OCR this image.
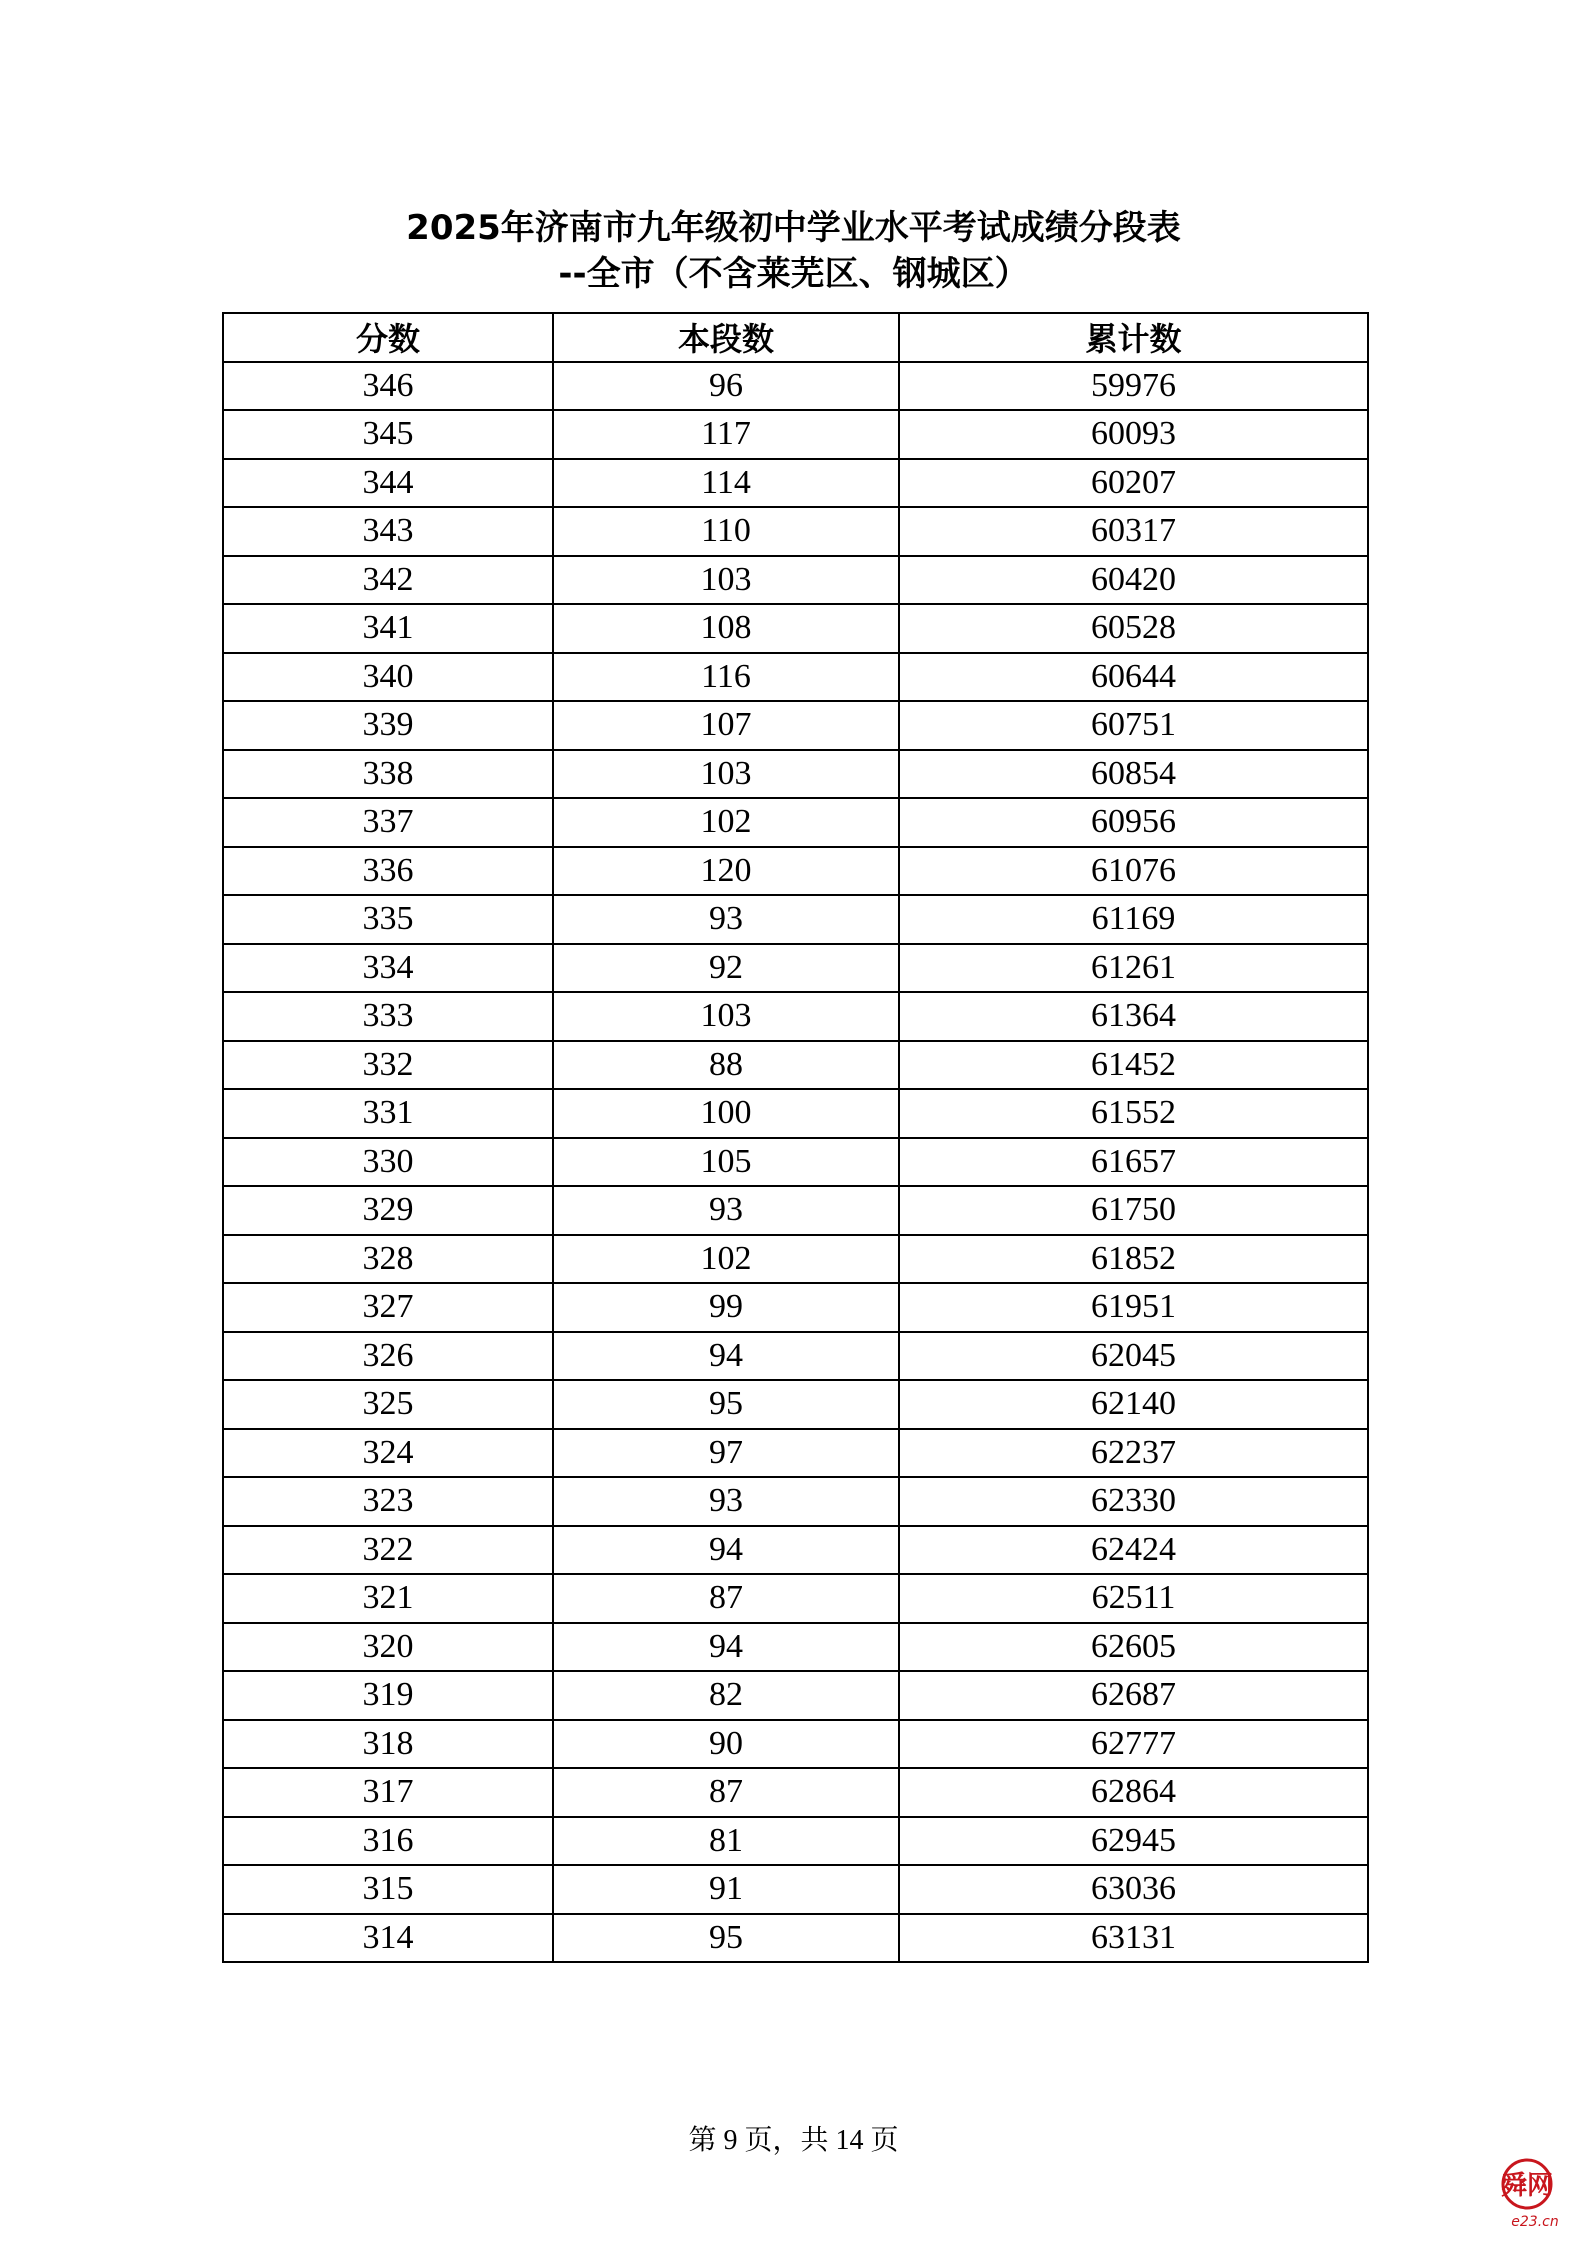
2025年济南市九年级初中学业水平考试成绩分段表
--全市（不含莱芜区、钢城区）
分数	本段数	累计数
346	96	59976
345	117	60093
344	114	60207
343	110	60317
342	103	60420
341	108	60528
340	116	60644
339	107	60751
338	103	60854
337	102	60956
336	120	61076
335	93	61169
334	92	61261
333	103	61364
332	88	61452
331	100	61552
330	105	61657
329	93	61750
328	102	61852
327	99	61951
326	94	62045
325	95	62140
324	97	62237
323	93	62330
322	94	62424
321	87	62511
320	94	62605
319	82	62687
318	90	62777
317	87	62864
316	81	62945
315	91	63036
314	95	63131
第 9 页，共 14 页
舜网
e23.cn
